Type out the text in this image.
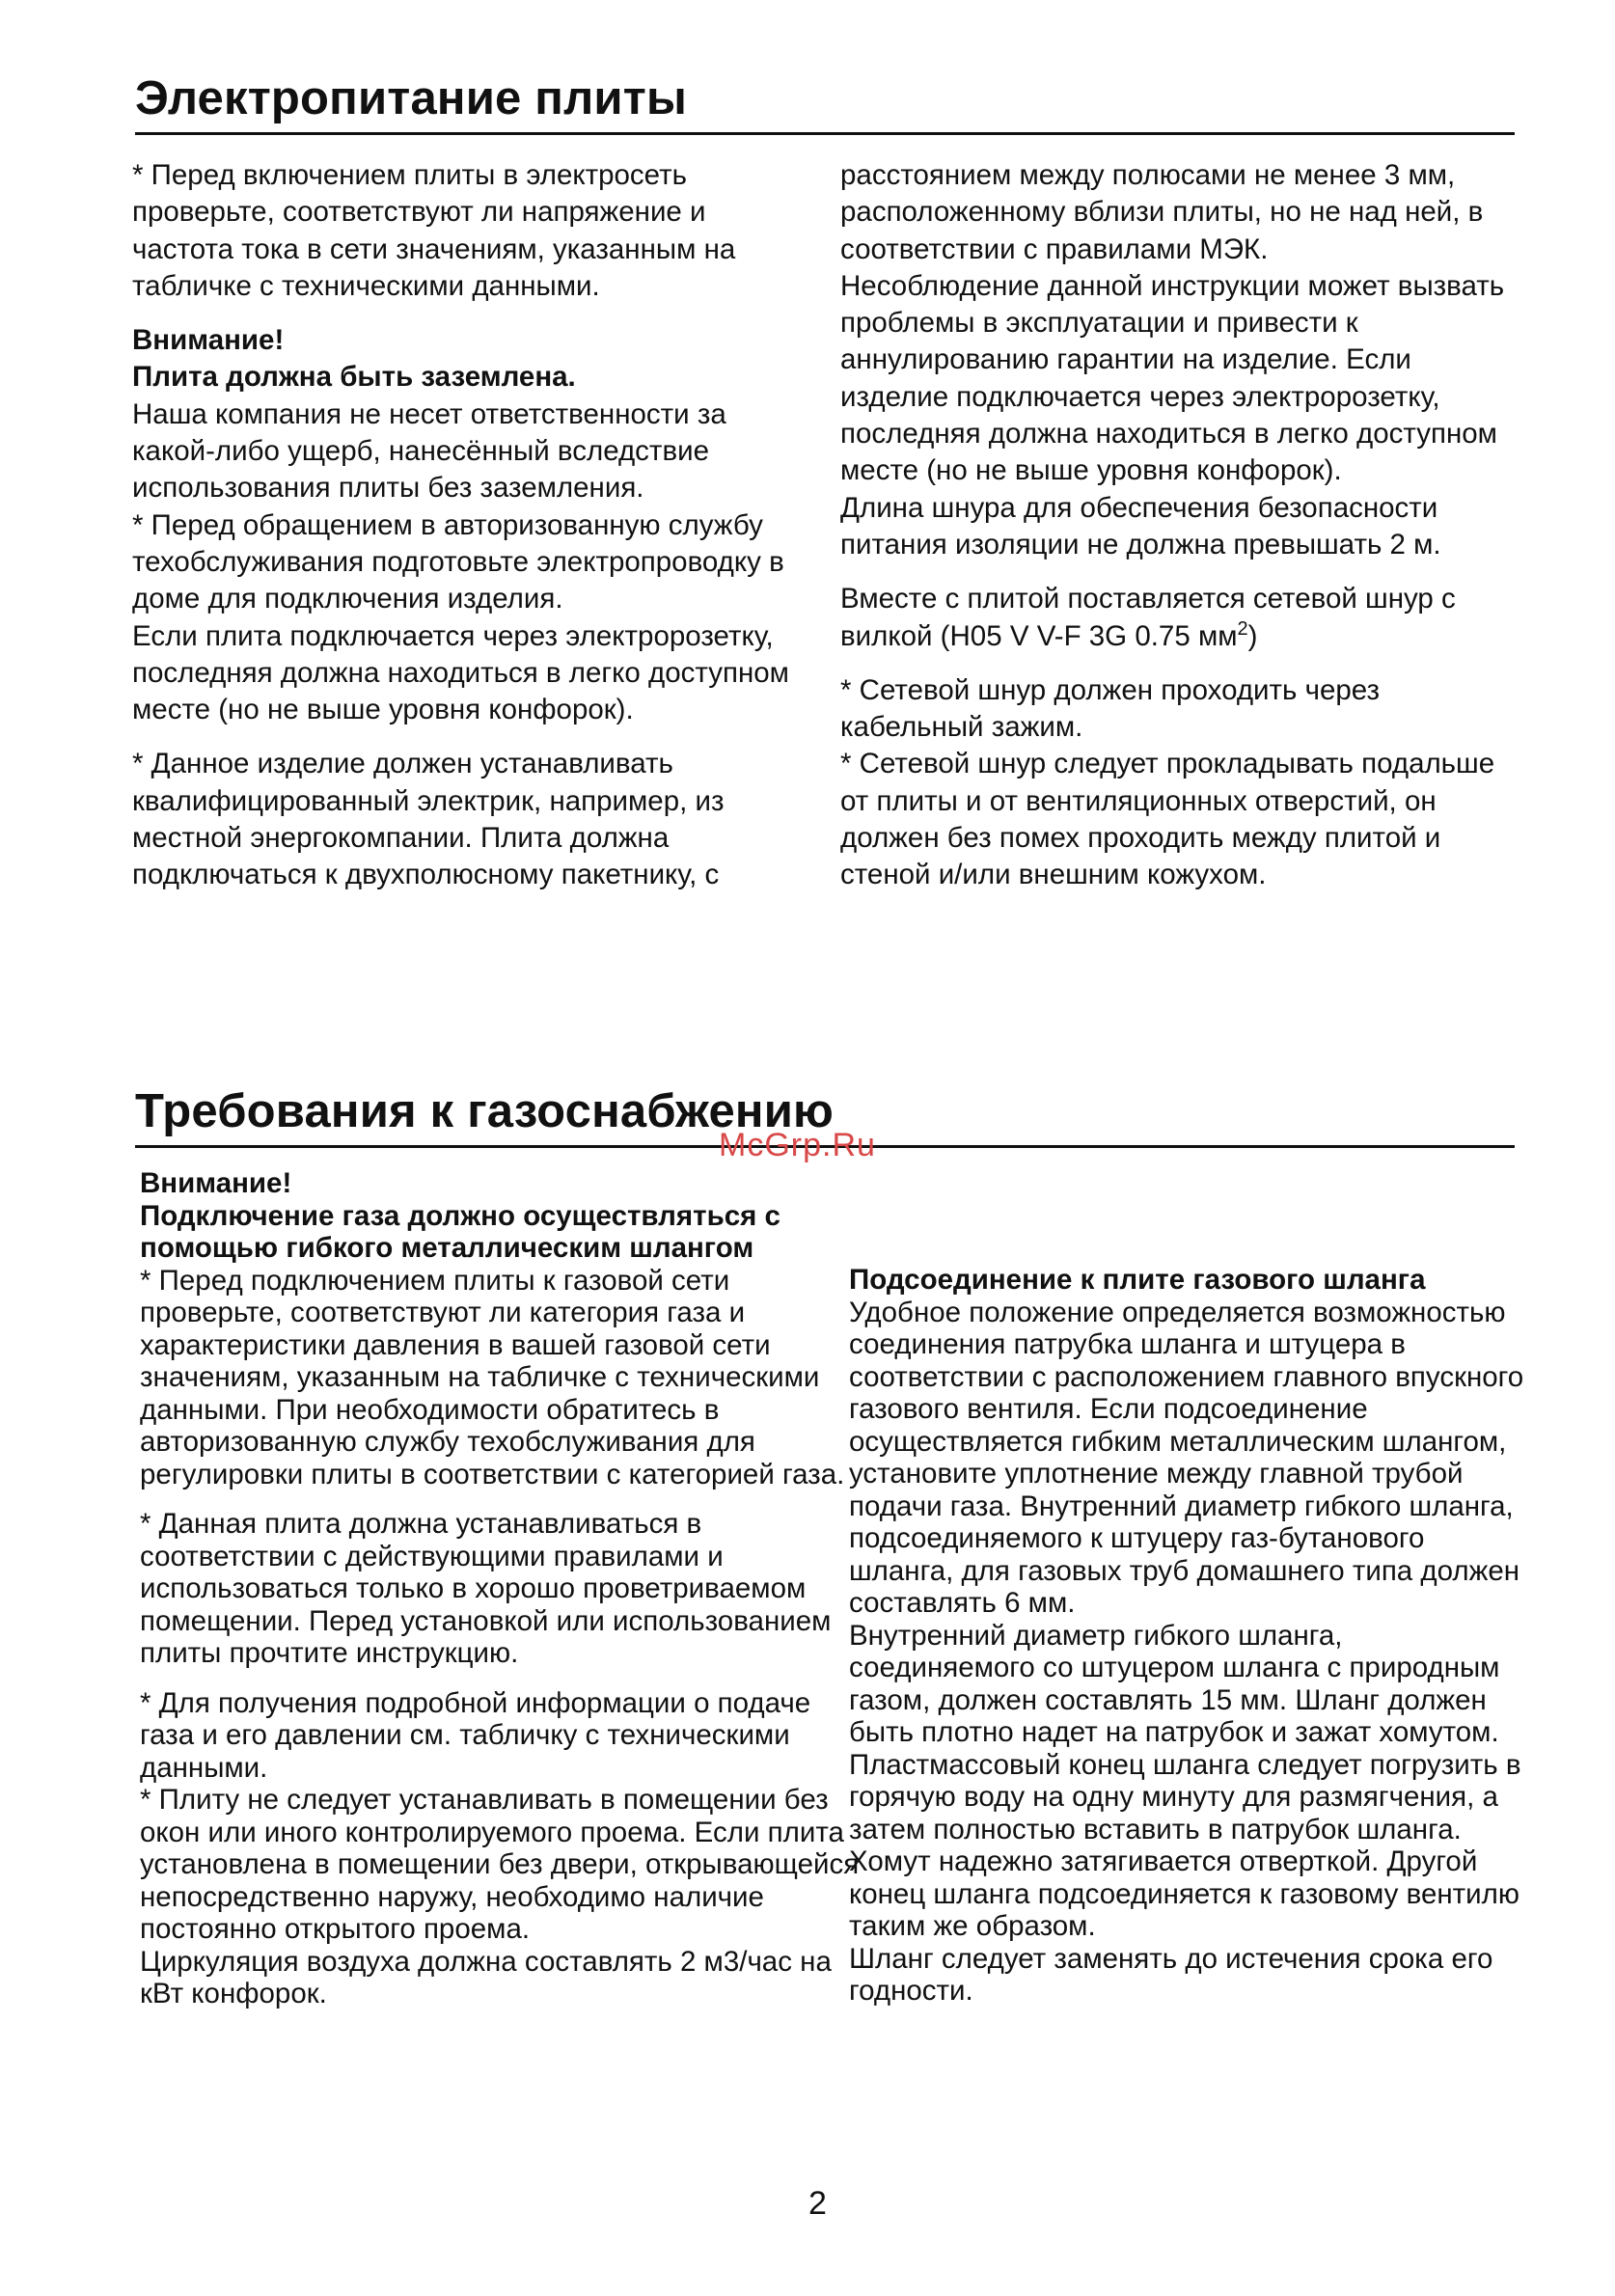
Электропитание плиты

* Перед включением плиты в электросеть проверьте, соответствуют ли напряжение и частота тока в сети значениям, указанным на табличке с техническими данными.

Внимание!

Плита должна быть заземлена.

Наша компания не несет ответственности за какой-либо ущерб, нанесённый вследствие использования плиты без заземления.

* Перед обращением в авторизованную службу техобслуживания подготовьте электропроводку в доме для подключения изделия.

Если плита подключается через электророзетку, последняя должна находиться в легко доступном месте (но не выше уровня конфорок).

* Данное изделие должен устанавливать квалифицированный электрик, например, из местной энергокомпании. Плита должна подключаться к двухполюсному пакетнику, с

расстоянием между полюсами не менее 3 мм, расположенному вблизи плиты, но не над ней, в соответствии с правилами МЭК.

Несоблюдение данной инструкции может вызвать проблемы в эксплуатации и привести к аннулированию гарантии на изделие. Если изделие подключается через электророзетку, последняя должна находиться в легко доступном месте (но не выше уровня конфорок).

Длина шнура для обеспечения безопасности питания изоляции не должна превышать 2 м.

Вместе с плитой поставляется сетевой шнур с вилкой (H05 V V-F 3G 0.75 $мм^2$)

* Сетевой шнур должен проходить через кабельный зажим.

* Сетевой шнур следует прокладывать подальше от плиты и от вентиляционных отверстий, он должен без помех проходить между плитой и стеной и/или внешним кожухом.

Требования к газоснабжению
McGrp.Ru

Внимание!

Подключение газа должно осуществляться с помощью гибкого металлическим шлангом

* Перед подключением плиты к газовой сети проверьте, соответствуют ли категория газа и характеристики давления в вашей газовой сети значениям, указанным на табличке с техническими данными. При необходимости обратитесь в авторизованную службу техобслуживания для регулировки плиты в соответствии с категорией газа.

* Данная плита должна устанавливаться в соответствии с действующими правилами и использоваться только в хорошо проветриваемом помещении. Перед установкой или использованием плиты прочтите инструкцию.

* Для получения подробной информации о подаче газа и его давлении см. табличку с техническими данными.

* Плиту не следует устанавливать в помещении без окон или иного контролируемого проема. Если плита установлена в помещении без двери, открывающейся непосредственно наружу, необходимо наличие постоянно открытого проема.

Циркуляция воздуха должна составлять 2 м3/час на кВт конфорок.

Подсоединение к плите газового шланга

Удобное положение определяется возможностью соединения патрубка шланга и штуцера в соответствии с расположением главного впускного газового вентиля. Если подсоединение осуществляется гибким металлическим шлангом, установите уплотнение между главной трубой подачи газа. Внутренний диаметр гибкого шланга, подсоединяемого к штуцеру газ-бутанового шланга, для газовых труб домашнего типа должен составлять 6 мм.

Внутренний диаметр гибкого шланга, соединяемого со штуцером шланга с природным газом, должен составлять 15 мм. Шланг должен быть плотно надет на патрубок и зажат хомутом. Пластмассовый конец шланга следует погрузить в горячую воду на одну минуту для размягчения, а затем полностью вставить в патрубок шланга. Хомут надежно затягивается отверткой. Другой конец шланга подсоединяется к газовому вентилю таким же образом.

Шланг следует заменять до истечения срока его годности.

2
